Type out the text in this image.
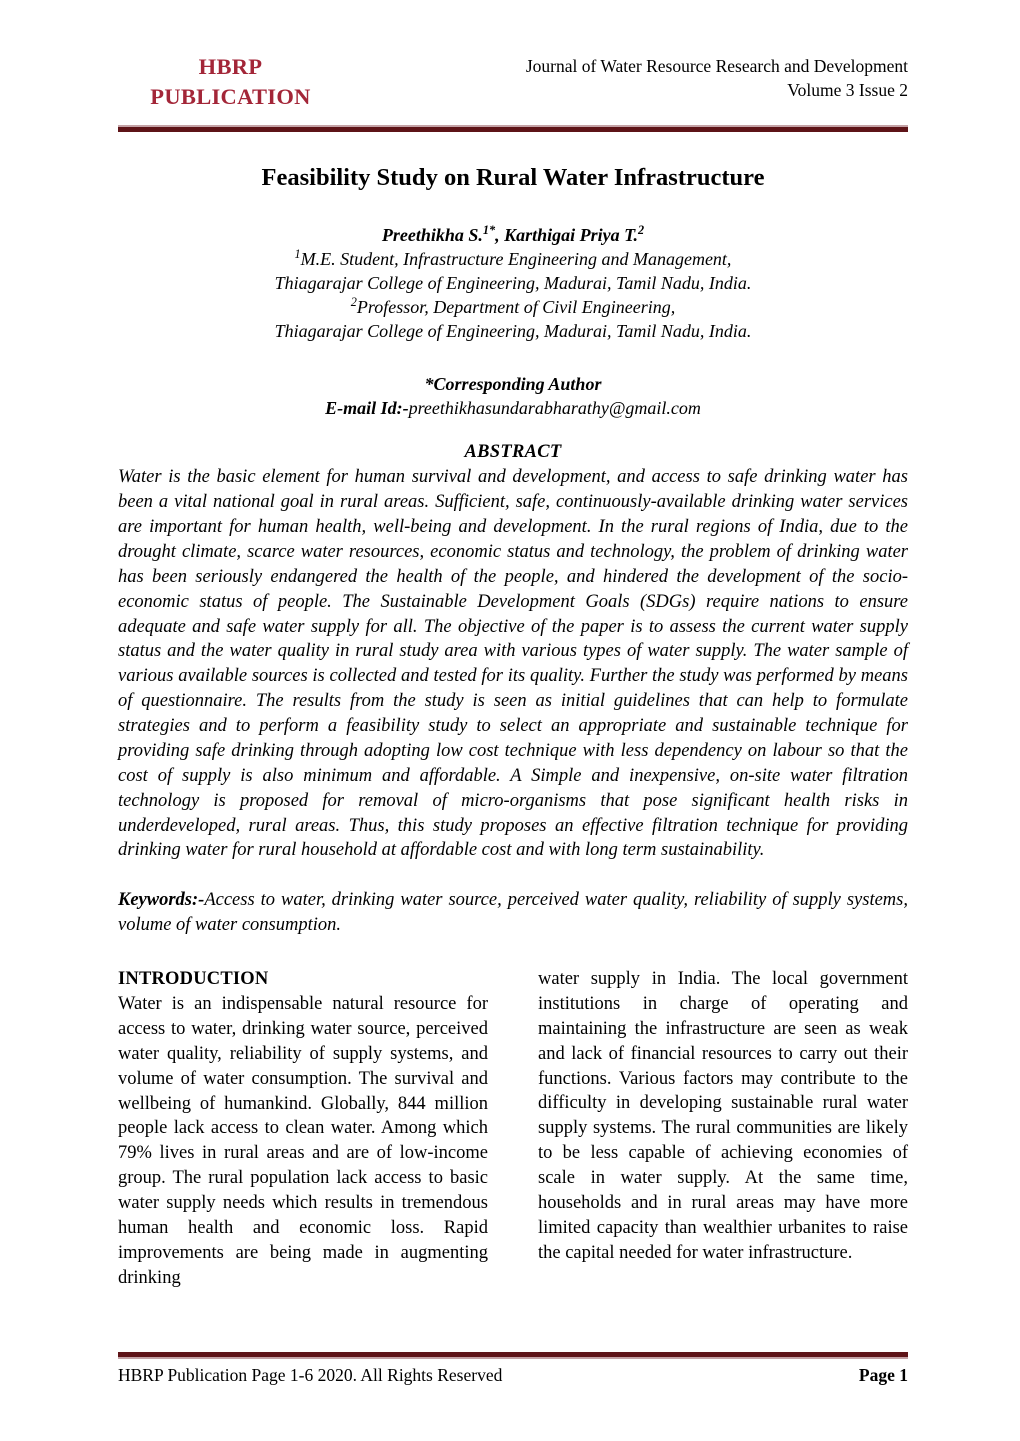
HBRP
PUBLICATION
Journal of Water Resource Research and Development
Volume 3 Issue 2
Feasibility Study on Rural Water Infrastructure
Preethikha S.$^{1*}$, Karthigai Priya T.$^2$
$^1$M.E. Student, Infrastructure Engineering and Management,
Thiagarajar College of Engineering, Madurai, Tamil Nadu, India.
$^2$Professor, Department of Civil Engineering,
Thiagarajar College of Engineering, Madurai, Tamil Nadu, India.
*Corresponding Author
E-mail Id:-preethikhasundarabharathy@gmail.com
ABSTRACT
Water is the basic element for human survival and development, and access to safe drinking water has been a vital national goal in rural areas. Sufficient, safe, continuously-available drinking water services are important for human health, well-being and development. In the rural regions of India, due to the drought climate, scarce water resources, economic status and technology, the problem of drinking water has been seriously endangered the health of the people, and hindered the development of the socio-economic status of people. The Sustainable Development Goals (SDGs) require nations to ensure adequate and safe water supply for all. The objective of the paper is to assess the current water supply status and the water quality in rural study area with various types of water supply. The water sample of various available sources is collected and tested for its quality. Further the study was performed by means of questionnaire. The results from the study is seen as initial guidelines that can help to formulate strategies and to perform a feasibility study to select an appropriate and sustainable technique for providing safe drinking through adopting low cost technique with less dependency on labour so that the cost of supply is also minimum and affordable. A Simple and inexpensive, on-site water filtration technology is proposed for removal of micro-organisms that pose significant health risks in underdeveloped, rural areas. Thus, this study proposes an effective filtration technique for providing drinking water for rural household at affordable cost and with long term sustainability.
Keywords:-Access to water, drinking water source, perceived water quality, reliability of supply systems, volume of water consumption.
INTRODUCTION

Water is an indispensable natural resource for access to water, drinking water source, perceived water quality, reliability of supply systems, and volume of water consumption. The survival and wellbeing of humankind. Globally, 844 million people lack access to clean water. Among which 79% lives in rural areas and are of low-income group. The rural population lack access to basic water supply needs which results in tremendous human health and economic loss. Rapid improvements are being made in augmenting drinking

water supply in India. The local government institutions in charge of operating and maintaining the infrastructure are seen as weak and lack of financial resources to carry out their functions. Various factors may contribute to the difficulty in developing sustainable rural water supply systems. The rural communities are likely to be less capable of achieving economies of scale in water supply. At the same time, households and in rural areas may have more limited capacity than wealthier urbanites to raise the capital needed for water infrastructure.

HBRP Publication Page 1-6 2020. All Rights Reserved	Page 1
